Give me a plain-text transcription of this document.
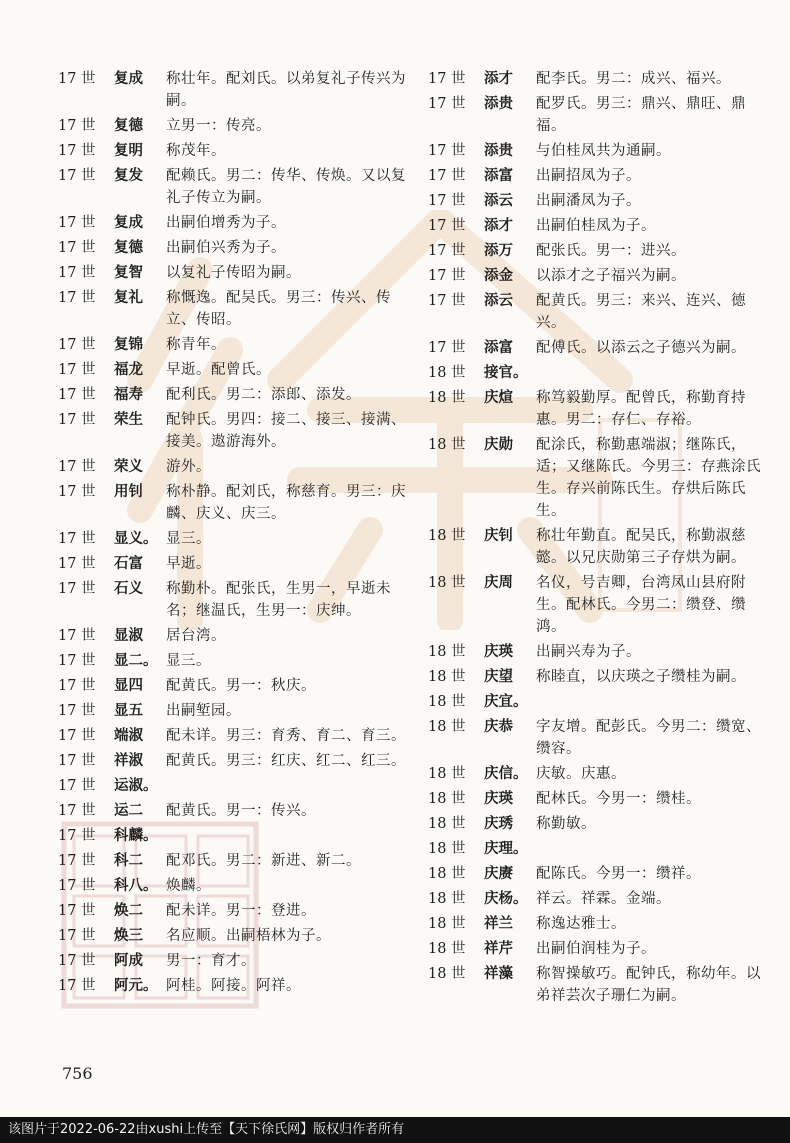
17 世	复成	称壮年。配刘氏。以弟复礼子传兴为嗣。
17 世	复德	立男一：传亮。
17 世	复明	称茂年。
17 世	复发	配赖氏。男二：传华、传焕。又以复礼子传立为嗣。
17 世	复成	出嗣伯增秀为子。
17 世	复德	出嗣伯兴秀为子。
17 世	复智	以复礼子传昭为嗣。
17 世	复礼	称慨逸。配吴氏。男三：传兴、传立、传昭。
17 世	复锦	称青年。
17 世	福龙	早逝。配曾氏。
17 世	福寿	配利氏。男二：添郎、添发。
17 世	荣生	配钟氏。男四：接二、接三、接满、接美。遨游海外。
17 世	荣义	游外。
17 世	用钊	称朴静。配刘氏，称慈育。男三：庆麟、庆义、庆三。
17 世	显义。 显三。
17 世	石富	早逝。
17 世	石义	称勤朴。配张氏，生男一，早逝未名；继温氏，生男一：庆绅。
17 世	显淑	居台湾。
17 世	显二。 显三。
17 世	显四	配黄氏。男一：秋庆。
17 世	显五	出嗣堑园。
17 世	端淑	配未详。男三：育秀、育二、育三。
17 世	祥淑	配黄氏。男三：红庆、红二、红三。
17 世	运淑。
17 世	运二	配黄氏。男一：传兴。
17 世	科麟。
17 世	科二	配邓氏。男二：新进、新二。
17 世	科八。 焕麟。
17 世	焕二	配未详。男一：登进。
17 世	焕三	名应顺。出嗣梧林为子。
17 世	阿成	男一：育才。
17 世	阿元。 阿桂。阿接。阿祥。
17 世	添才	配李氏。男二：成兴、福兴。
17 世	添贵	配罗氏。男三：鼎兴、鼎旺、鼎福。
17 世	添贵	与伯桂凤共为通嗣。
17 世	添富	出嗣招凤为子。
17 世	添云	出嗣潘凤为子。
17 世	添才	出嗣伯桂凤为子。
17 世	添万	配张氏。男一：进兴。
17 世	添金	以添才之子福兴为嗣。
17 世	添云	配黄氏。男三：来兴、连兴、德兴。
17 世	添富	配傅氏。以添云之子德兴为嗣。
18 世	接官。
18 世	庆煊	称笃毅勤厚。配曾氏，称勤育持惠。男二：存仁、存裕。
18 世	庆勋	配涂氏，称勤惠端淑；继陈氏，适；又继陈氏。今男三：存燕涂氏生。存兴前陈氏生。存烘后陈氏生。
18 世	庆钊	称壮年勤直。配吴氏，称勤淑慈懿。以兄庆勋第三子存烘为嗣。
18 世	庆周	名仪，号吉卿，台湾凤山县府附生。配林氏。今男二：缵登、缵鸿。
18 世	庆瑛	出嗣兴寿为子。
18 世	庆望	称睦直，以庆瑛之子缵桂为嗣。
18 世	庆宜。
18 世	庆恭	字友增。配彭氏。今男二：缵宽、缵容。
18 世	庆信。 庆敏。庆惠。
18 世	庆瑛	配林氏。今男一：缵桂。
18 世	庆琇	称勤敏。
18 世	庆理。
18 世	庆赓	配陈氏。今男一：缵祥。
18 世	庆杨。 祥云。祥霖。金端。
18 世	祥兰	称逸达雅士。
18 世	祥芹	出嗣伯润桂为子。
18 世	祥藻	称智操敏巧。配钟氏，称幼年。以弟祥芸次子珊仁为嗣。
756
该图片于2022-06-22由xushi上传至【天下徐氏网】版权归作者所有
